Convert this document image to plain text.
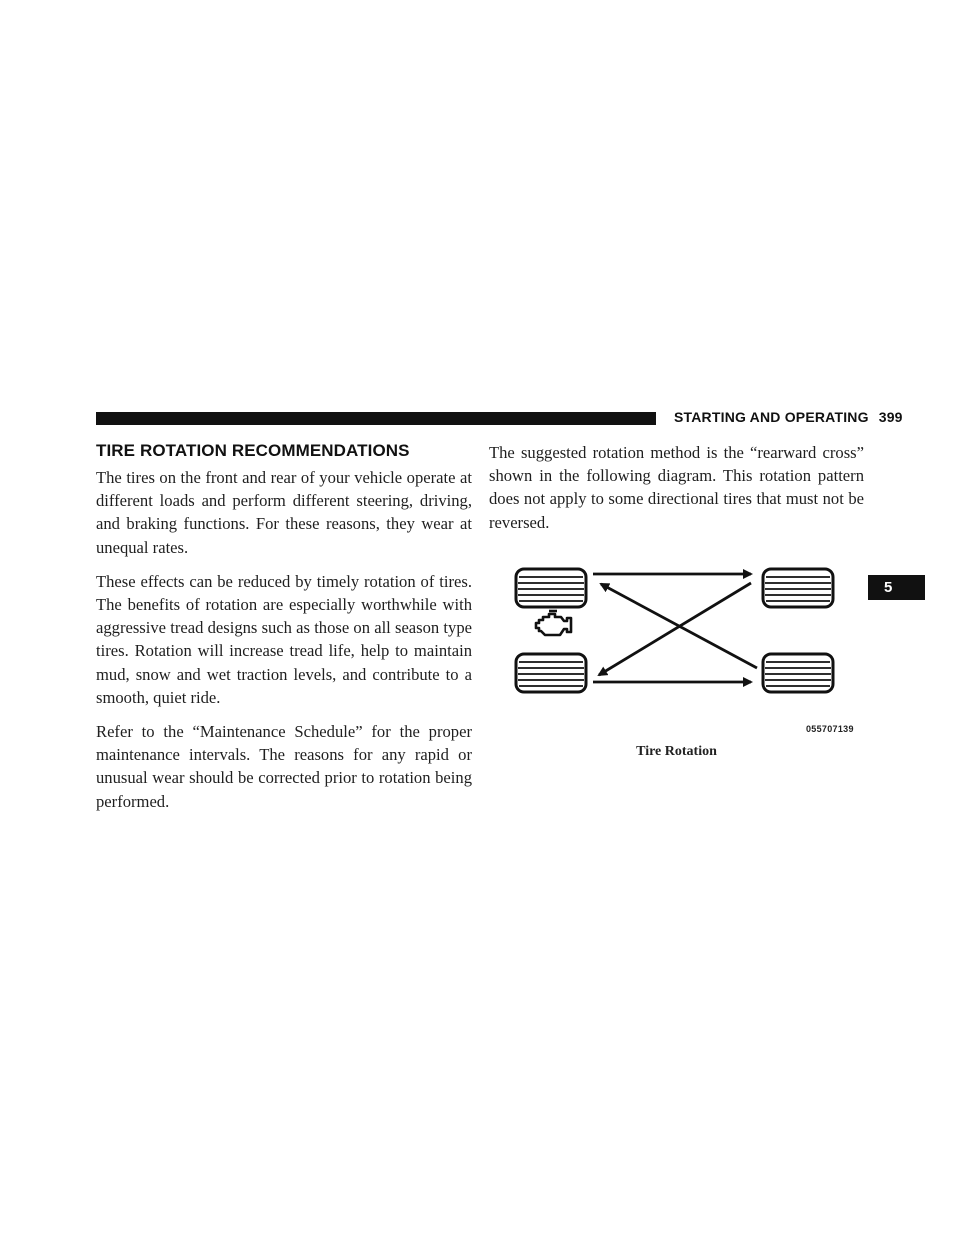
STARTING AND OPERATING 399
5
TIRE ROTATION RECOMMENDATIONS

The tires on the front and rear of your vehicle operate at different loads and perform different steering, driving, and braking functions. For these reasons, they wear at unequal rates.

These effects can be reduced by timely rotation of tires. The benefits of rotation are especially worthwhile with aggressive tread designs such as those on all season type tires. Rotation will increase tread life, help to maintain mud, snow and wet traction levels, and contribute to a smooth, quiet ride.

Refer to the “Maintenance Schedule” for the proper maintenance intervals. The reasons for any rapid or unusual wear should be corrected prior to rotation being performed.

The suggested rotation method is the “rearward cross” shown in the following diagram. This rotation pattern does not apply to some directional tires that must not be reversed.

055707139
Tire Rotation
